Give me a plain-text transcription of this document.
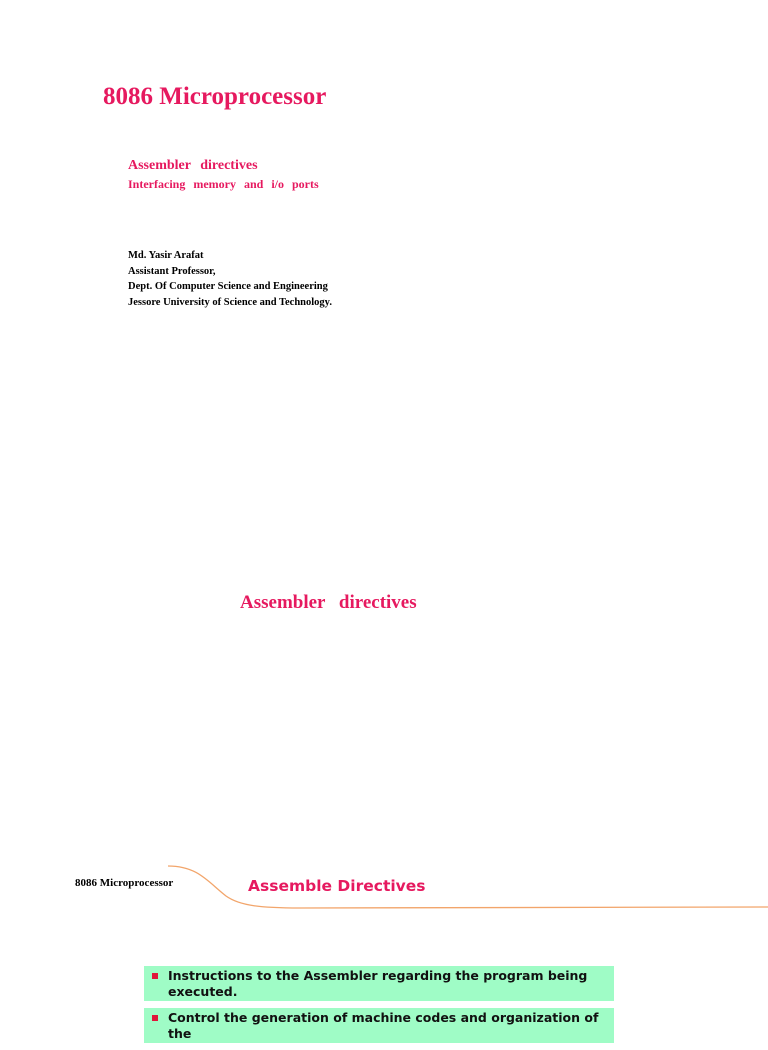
8086 Microprocessor
Assembler directives
Interfacing memory and i/o ports
Md. Yasir Arafat
Assistant Professor,
Dept. Of Computer Science and Engineering
Jessore University of Science and Technology.
Assembler directives
8086 Microprocessor	Assemble Directives
Instructions to the Assembler regarding the program being executed.
Control the generation of machine codes and organization of the
